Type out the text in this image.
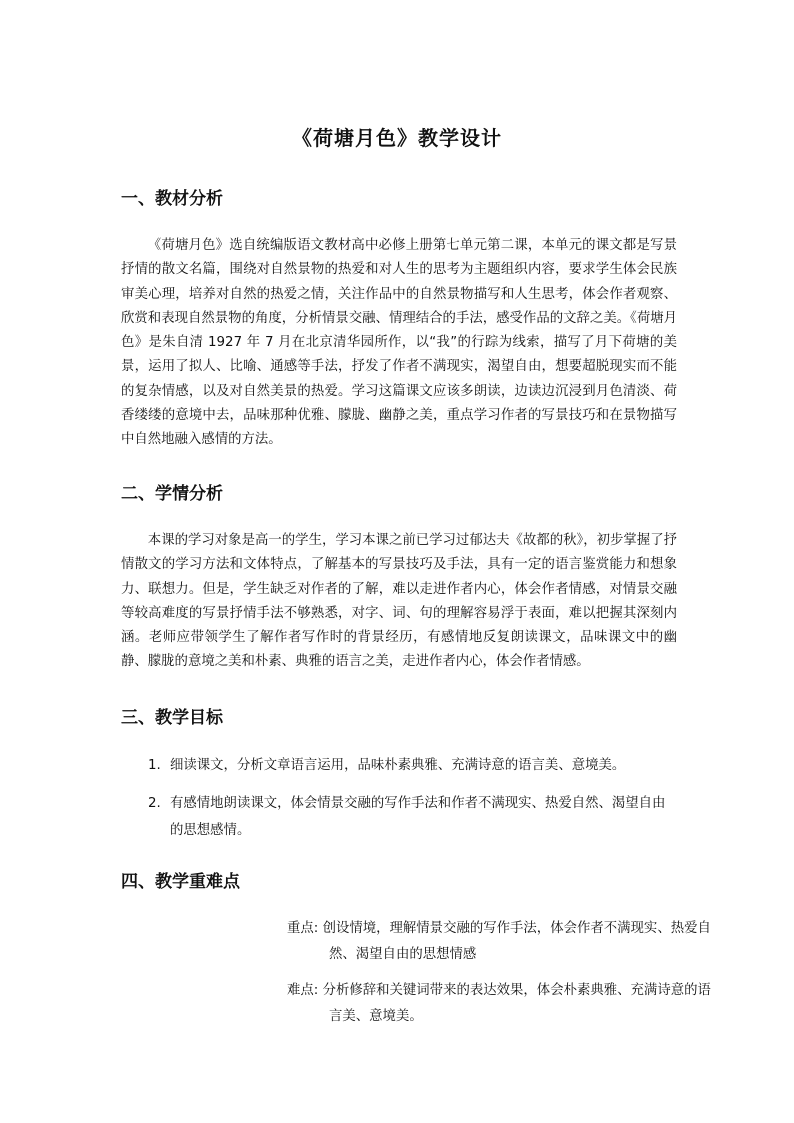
《荷塘月色》教学设计
一、教材分析

《荷塘月色》选自统编版语文教材高中必修上册第七单元第二课，本单元的课文都是写景抒情的散文名篇，围绕对自然景物的热爱和对人生的思考为主题组织内容，要求学生体会民族审美心理，培养对自然的热爱之情，关注作品中的自然景物描写和人生思考，体会作者观察、欣赏和表现自然景物的角度，分析情景交融、情理结合的手法，感受作品的文辞之美。《荷塘月色》是朱自清 1927 年 7 月在北京清华园所作，以“我”的行踪为线索，描写了月下荷塘的美景，运用了拟人、比喻、通感等手法，抒发了作者不满现实，渴望自由，想要超脱现实而不能的复杂情感，以及对自然美景的热爱。学习这篇课文应该多朗读，边读边沉浸到月色清淡、荷香缕缕的意境中去，品味那种优雅、朦胧、幽静之美，重点学习作者的写景技巧和在景物描写中自然地融入感情的方法。

二、学情分析

本课的学习对象是高一的学生，学习本课之前已学习过郁达夫《故都的秋》，初步掌握了抒情散文的学习方法和文体特点，了解基本的写景技巧及手法，具有一定的语言鉴赏能力和想象力、联想力。但是，学生缺乏对作者的了解，难以走进作者内心，体会作者情感，对情景交融等较高难度的写景抒情手法不够熟悉，对字、词、句的理解容易浮于表面，难以把握其深刻内涵。老师应带领学生了解作者写作时的背景经历，有感情地反复朗读课文，品味课文中的幽静、朦胧的意境之美和朴素、典雅的语言之美，走进作者内心，体会作者情感。

三、教学目标

1. 细读课文，分析文章语言运用，品味朴素典雅、充满诗意的语言美、意境美。

2. 有感情地朗读课文，体会情景交融的写作手法和作者不满现实、热爱自然、渴望自由的思想感情。

四、教学重难点

重点: 创设情境，理解情景交融的写作手法，体会作者不满现实、热爱自然、渴望自由的思想情感

难点: 分析修辞和关键词带来的表达效果，体会朴素典雅、充满诗意的语言美、意境美。
